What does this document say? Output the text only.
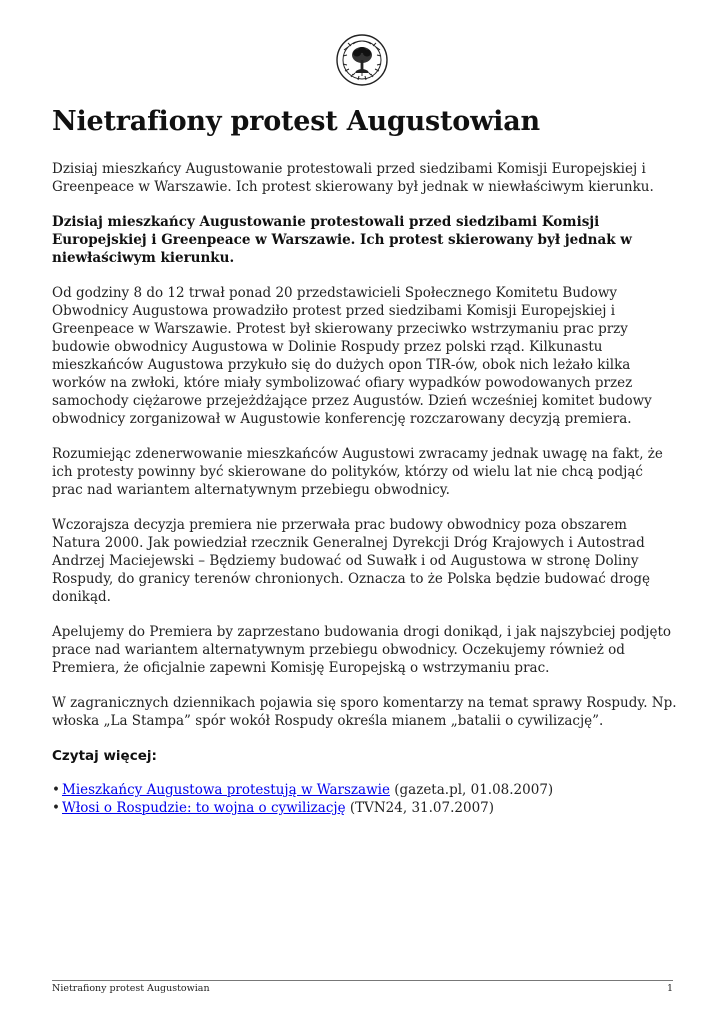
Nietrafiony protest Augustowian

Dzisiaj mieszkańcy Augustowanie protestowali przed siedzibami Komisji Europejskiej i Greenpeace w Warszawie. Ich protest skierowany był jednak w niewłaściwym kierunku.

Dzisiaj mieszkańcy Augustowanie protestowali przed siedzibami Komisji Europejskiej i Greenpeace w Warszawie. Ich protest skierowany był jednak w niewłaściwym kierunku.

Od godziny 8 do 12 trwał ponad 20 przedstawicieli Społecznego Komitetu Budowy Obwodnicy Augustowa prowadziło protest przed siedzibami Komisji Europejskiej i Greenpeace w Warszawie. Protest był skierowany przeciwko wstrzymaniu prac przy budowie obwodnicy Augustowa w Dolinie Rospudy przez polski rząd. Kilkunastu mieszkańców Augustowa przykuło się do dużych opon TIR-ów, obok nich leżało kilka worków na zwłoki, które miały symbolizować ofiary wypadków powodowanych przez samochody ciężarowe przejeżdżające przez Augustów. Dzień wcześniej komitet budowy obwodnicy zorganizował w Augustowie konferencję rozczarowany decyzją premiera.

Rozumiejąc zdenerwowanie mieszkańców Augustowi zwracamy jednak uwagę na fakt, że ich protesty powinny być skierowane do polityków, którzy od wielu lat nie chcą podjąć prac nad wariantem alternatywnym przebiegu obwodnicy.

Wczorajsza decyzja premiera nie przerwała prac budowy obwodnicy poza obszarem Natura 2000. Jak powiedział rzecznik Generalnej Dyrekcji Dróg Krajowych i Autostrad Andrzej Maciejewski – Będziemy budować od Suwałk i od Augustowa w stronę Doliny Rospudy, do granicy terenów chronionych. Oznacza to że Polska będzie budować drogę donikąd.

Apelujemy do Premiera by zaprzestano budowania drogi donikąd, i jak najszybciej podjęto prace nad wariantem alternatywnym przebiegu obwodnicy. Oczekujemy również od Premiera, że oficjalnie zapewni Komisję Europejską o wstrzymaniu prac.

W zagranicznych dziennikach pojawia się sporo komentarzy na temat sprawy Rospudy. Np. włoska „La Stampa” spór wokół Rospudy określa mianem „batalii o cywilizację”.

Czytaj więcej:
• Mieszkańcy Augustowa protestują w Warszawie (gazeta.pl, 01.08.2007)
• Włosi o Rospudzie: to wojna o cywilizację (TVN24, 31.07.2007)
Nietrafiony protest Augustowian	1
